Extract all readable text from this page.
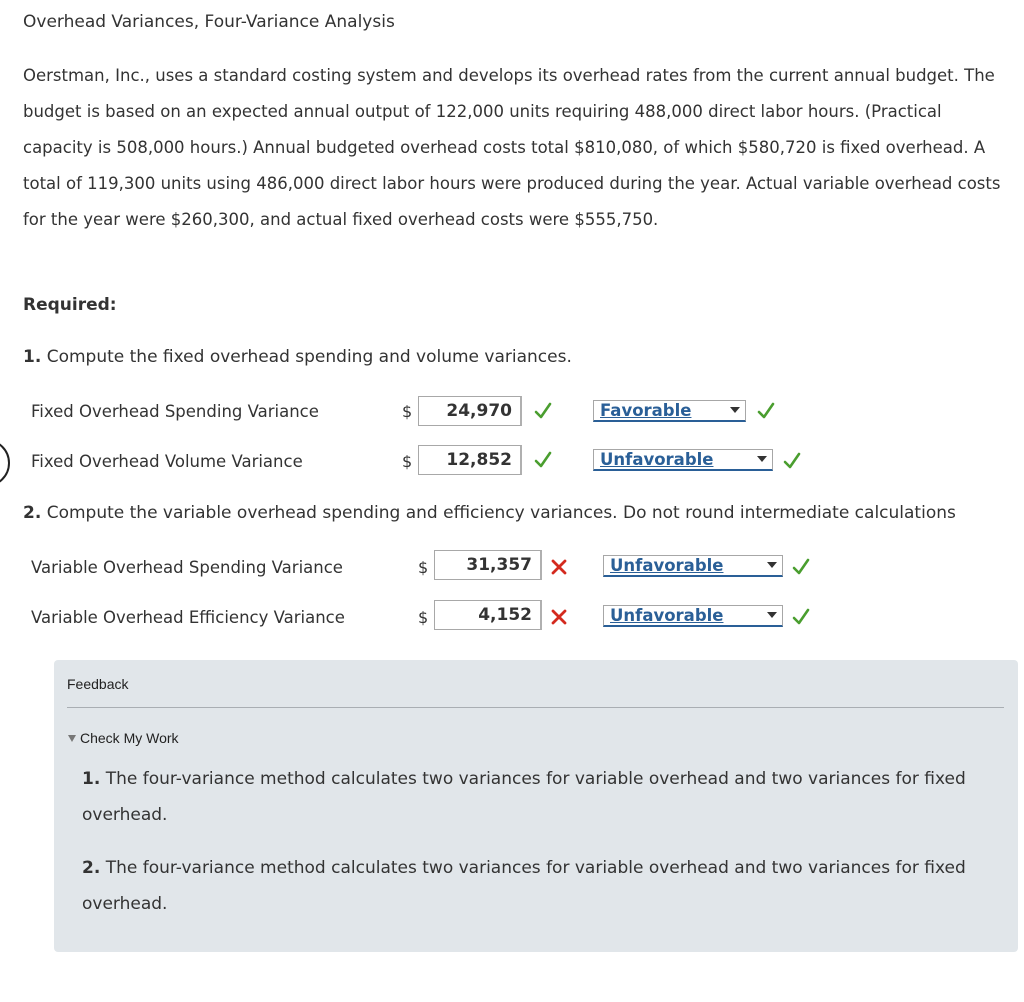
Overhead Variances, Four-Variance Analysis

Oerstman, Inc., uses a standard costing system and develops its overhead rates from the current annual budget. The budget is based on an expected annual output of 122,000 units requiring 488,000 direct labor hours. (Practical capacity is 508,000 hours.) Annual budgeted overhead costs total $810,080, of which $580,720 is fixed overhead. A total of 119,300 units using 486,000 direct labor hours were produced during the year. Actual variable overhead costs for the year were $260,300, and actual fixed overhead costs were $555,750.

Required:
1. Compute the fixed overhead spending and volume variances.
Fixed Overhead Spending Variance	$	24,970	Favorable
Fixed Overhead Volume Variance	$	12,852	Unfavorable
2. Compute the variable overhead spending and efficiency variances. Do not round intermediate calculations
Variable Overhead Spending Variance	$	31,357	Unfavorable
Variable Overhead Efficiency Variance	$	4,152	Unfavorable
Feedback
Check My Work

1. The four-variance method calculates two variances for variable overhead and two variances for fixed overhead.

2. The four-variance method calculates two variances for variable overhead and two variances for fixed overhead.
